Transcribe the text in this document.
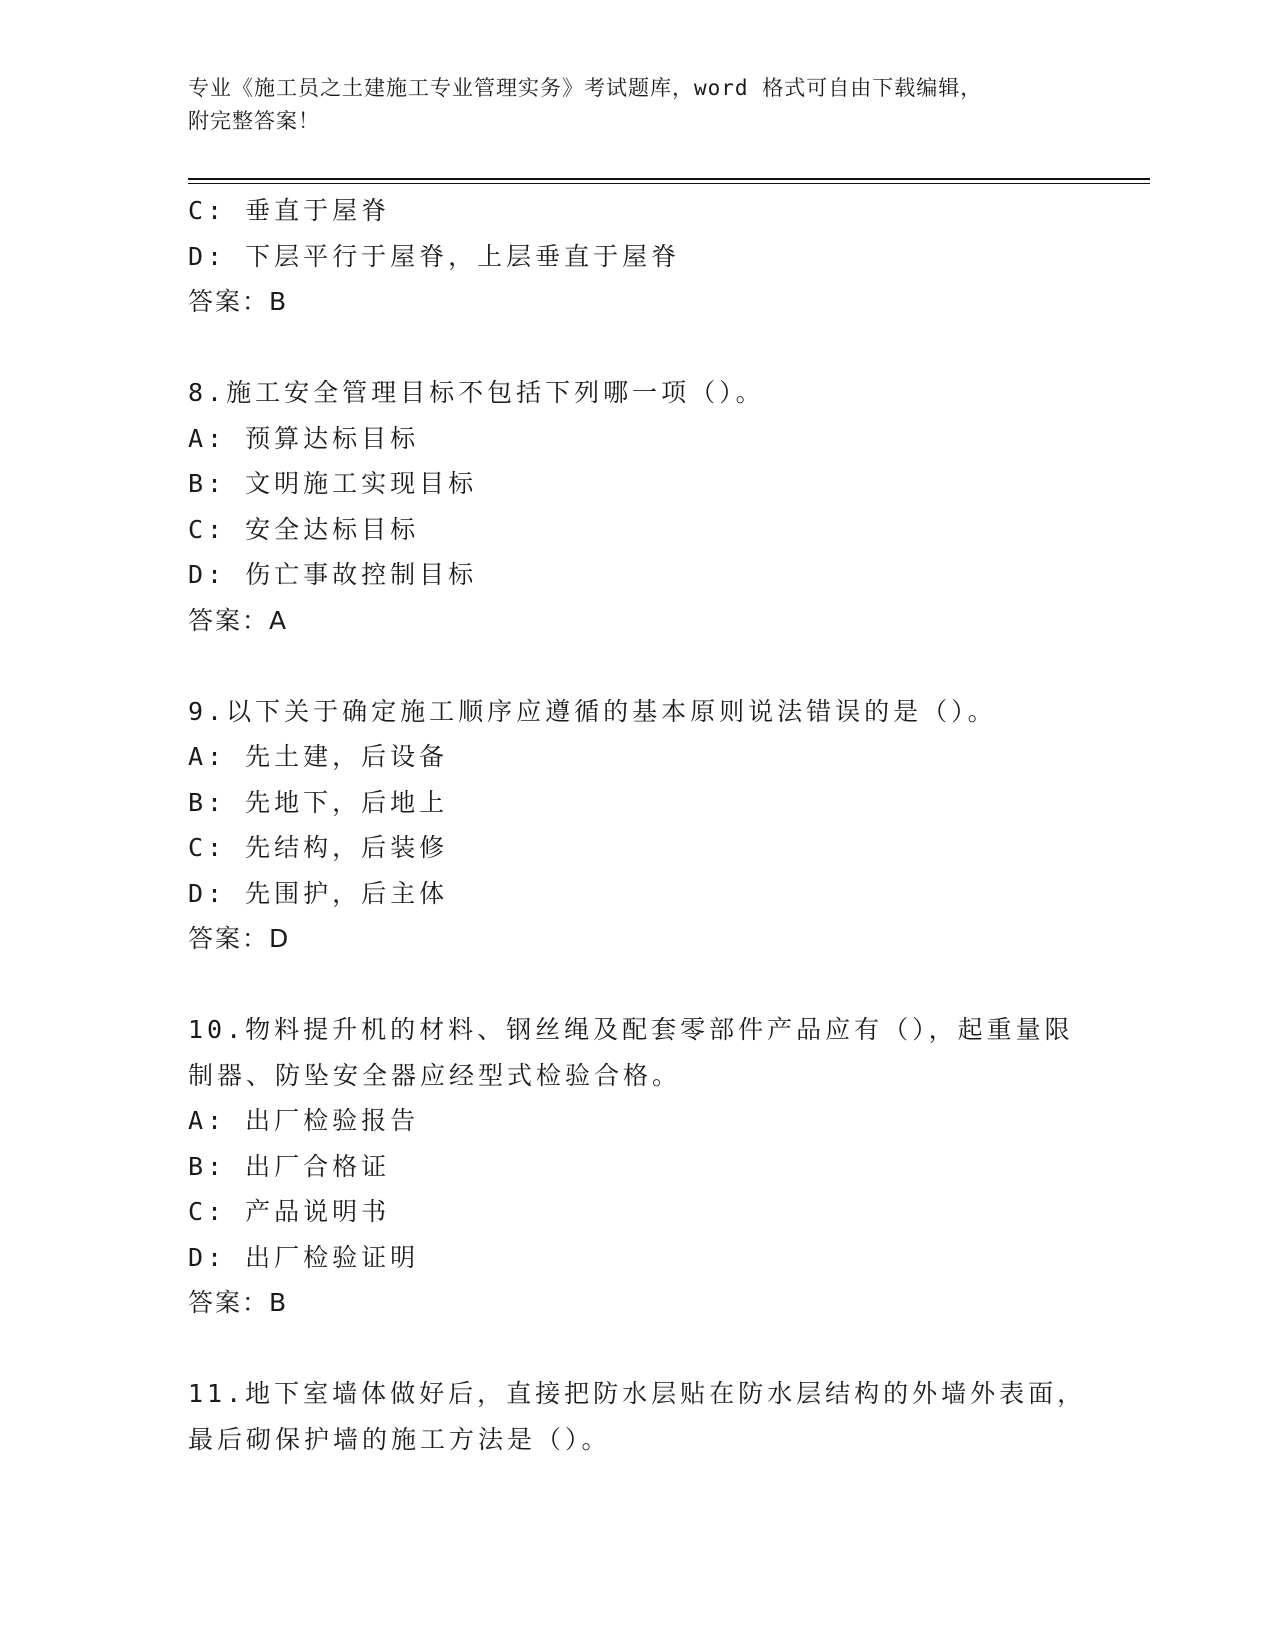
专业《施工员之土建施工专业管理实务》考试题库，word 格式可自由下载编辑，
附完整答案！
C: 垂直于屋脊
D: 下层平行于屋脊，上层垂直于屋脊
答案：B
8.施工安全管理目标不包括下列哪一项（）。
A: 预算达标目标
B: 文明施工实现目标
C: 安全达标目标
D: 伤亡事故控制目标
答案：A
9.以下关于确定施工顺序应遵循的基本原则说法错误的是（）。
A: 先土建，后设备
B: 先地下，后地上
C: 先结构，后装修
D: 先围护，后主体
答案：D
10.物料提升机的材料、钢丝绳及配套零部件产品应有（），起重量限
制器、防坠安全器应经型式检验合格。
A: 出厂检验报告
B: 出厂合格证
C: 产品说明书
D: 出厂检验证明
答案：B
11.地下室墙体做好后，直接把防水层贴在防水层结构的外墙外表面，
最后砌保护墙的施工方法是（）。
